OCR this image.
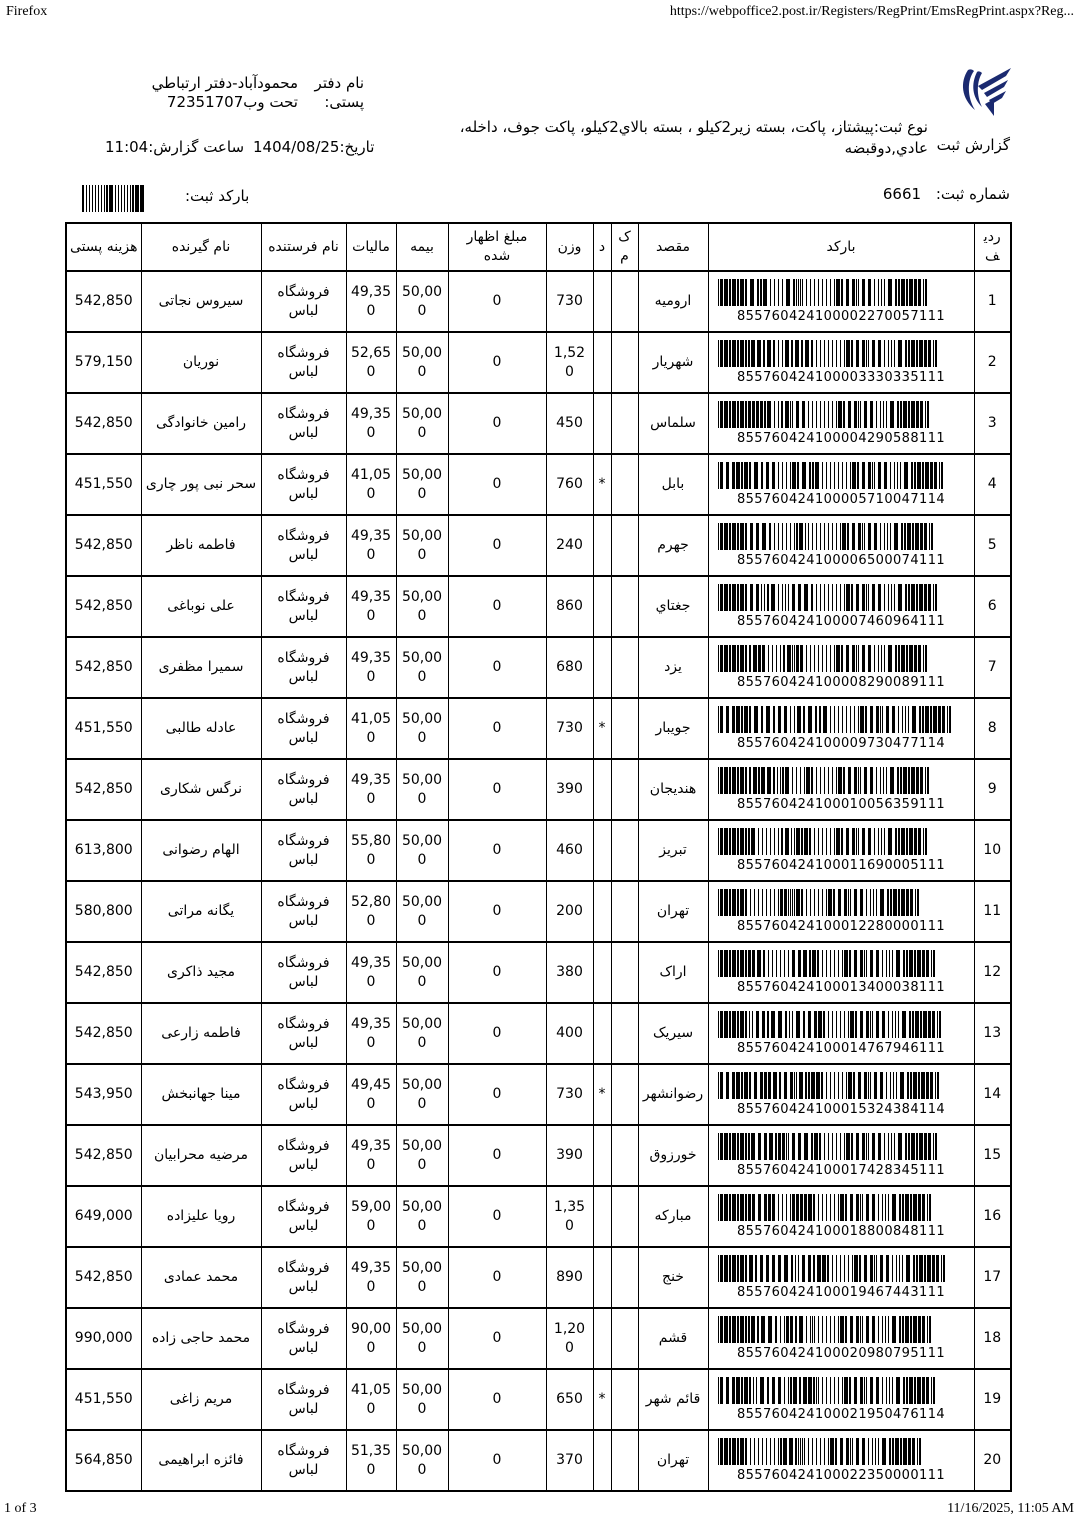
Firefox	https://webpoffice2.post.ir/Registers/RegPrint/EmsRegPrint.aspx?Reg...
گزارش ثبت
نوع ثبت:پیشتاز، پاکت، بسته زیر2کیلو ، بسته بالاي2کیلو، پاکت جوف، داخله،
عادي,دوقبضه
نام دفتر
پستی:
محمودآباد-دفتر ارتباطي
تحت وب72351707
تاریخ:1404/08/25
ساعت گزارش:11:04
شماره ثبت: 6661
بارکد ثبت:
ردیف	بارکد	مقصد	ک م	د	وزن	مبلغ اظهار شده	بیمه	مالیات	نام فرستنده	نام گیرنده	هزینه پستی
1	855760424100002270057111	ارومیه			730	0	50,000	49,350	فروشگاه لباس	سیروس نجاتی	542,850
2	855760424100003330335111	شهریار			1,520	0	50,000	52,650	فروشگاه لباس	نوریان	579,150
3	855760424100004290588111	سلماس			450	0	50,000	49,350	فروشگاه لباس	رامین خانوادگی	542,850
4	855760424100005710047114	بابل		*	760	0	50,000	41,050	فروشگاه لباس	سحر نبی پور چاری	451,550
5	855760424100006500074111	جهرم			240	0	50,000	49,350	فروشگاه لباس	فاطمه ناظر	542,850
6	855760424100007460964111	جغتاي			860	0	50,000	49,350	فروشگاه لباس	علی نوباغی	542,850
7	855760424100008290089111	یزد			680	0	50,000	49,350	فروشگاه لباس	سمیرا مظفری	542,850
8	855760424100009730477114	جویبار		*	730	0	50,000	41,050	فروشگاه لباس	عادله طالبی	451,550
9	855760424100010056359111	هندیجان			390	0	50,000	49,350	فروشگاه لباس	نرگس شکاری	542,850
10	855760424100011690005111	تبریز			460	0	50,000	55,800	فروشگاه لباس	الهام رضوانی	613,800
11	855760424100012280000111	تهران			200	0	50,000	52,800	فروشگاه لباس	یگانه مراتی	580,800
12	855760424100013400038111	اراک			380	0	50,000	49,350	فروشگاه لباس	مجید ذاکری	542,850
13	855760424100014767946111	سیریک			400	0	50,000	49,350	فروشگاه لباس	فاطمه زارعی	542,850
14	855760424100015324384114	رضوانشهر		*	730	0	50,000	49,450	فروشگاه لباس	مینا جهانبخش	543,950
15	855760424100017428345111	خورزوق			390	0	50,000	49,350	فروشگاه لباس	مرضیه محرابیان	542,850
16	855760424100018800848111	مبارکه			1,350	0	50,000	59,000	فروشگاه لباس	رویا علیزاده	649,000
17	855760424100019467443111	خنج			890	0	50,000	49,350	فروشگاه لباس	محمد عمادی	542,850
18	855760424100020980795111	قشم			1,200	0	50,000	90,000	فروشگاه لباس	محمد حاجی زاده	990,000
19	855760424100021950476114	قائم شهر		*	650	0	50,000	41,050	فروشگاه لباس	مریم زاغی	451,550
20	855760424100022350000111	تهران			370	0	50,000	51,350	فروشگاه لباس	فائزه ابراهیمی	564,850
1 of 3	11/16/2025, 11:05 AM
